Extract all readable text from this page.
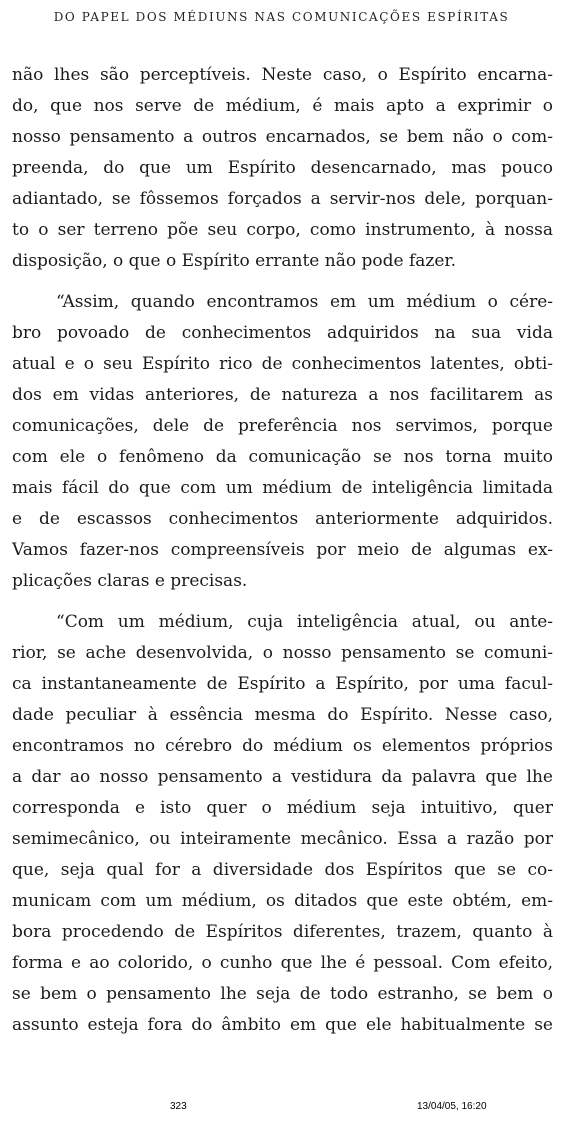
DO PAPEL DOS MÉDIUNS NAS COMUNICAÇÕES ESPÍRITAS

não lhes são perceptíveis. Neste caso, o Espírito encarna-
do, que nos serve de médium, é mais apto a exprimir o
nosso pensamento a outros encarnados, se bem não o com-
preenda, do que um Espírito desencarnado, mas pouco
adiantado, se fôssemos forçados a servir-nos dele, porquan-
to o ser terreno põe seu corpo, como instrumento, à nossa
disposição, o que o Espírito errante não pode fazer.

“Assim, quando encontramos em um médium o cére-
bro povoado de conhecimentos adquiridos na sua vida
atual e o seu Espírito rico de conhecimentos latentes, obti-
dos em vidas anteriores, de natureza a nos facilitarem as
comunicações, dele de preferência nos servimos, porque
com ele o fenômeno da comunicação se nos torna muito
mais fácil do que com um médium de inteligência limitada
e de escassos conhecimentos anteriormente adquiridos.
Vamos fazer-nos compreensíveis por meio de algumas ex-
plicações claras e precisas.

“Com um médium, cuja inteligência atual, ou ante-
rior, se ache desenvolvida, o nosso pensamento se comuni-
ca instantaneamente de Espírito a Espírito, por uma facul-
dade peculiar à essência mesma do Espírito. Nesse caso,
encontramos no cérebro do médium os elementos próprios
a dar ao nosso pensamento a vestidura da palavra que lhe
corresponda e isto quer o médium seja intuitivo, quer
semimecânico, ou inteiramente mecânico. Essa a razão por
que, seja qual for a diversidade dos Espíritos que se co-
municam com um médium, os ditados que este obtém, em-
bora procedendo de Espíritos diferentes, trazem, quanto à
forma e ao colorido, o cunho que lhe é pessoal. Com efeito,
se bem o pensamento lhe seja de todo estranho, se bem o
assunto esteja fora do âmbito em que ele habitualmente se

323	13/04/05, 16:20
